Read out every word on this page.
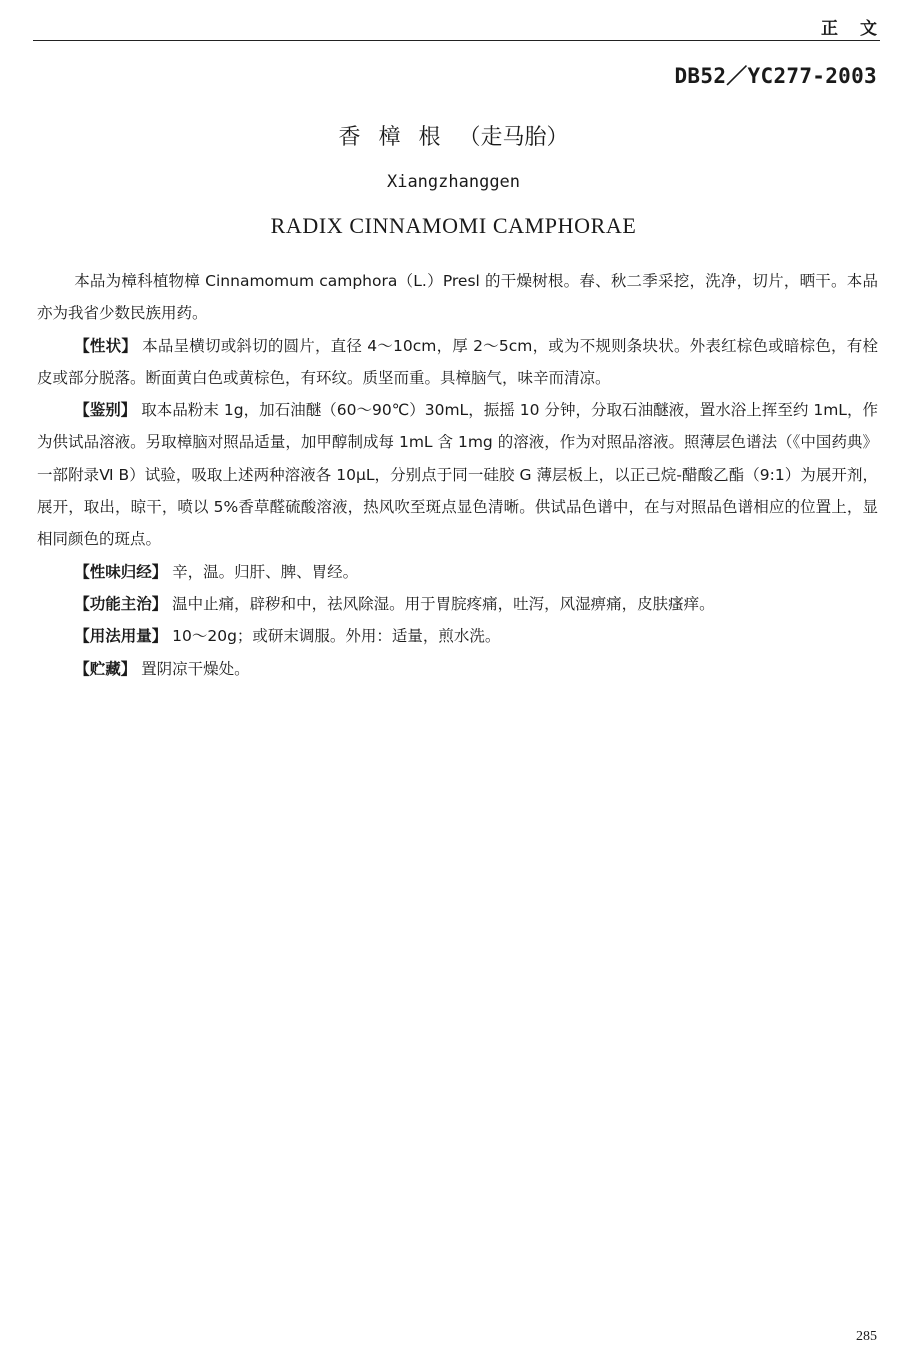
正文
DB52／YC277-2003
香樟根（走马胎）
Xiangzhanggen
RADIX CINNAMOMI CAMPHORAE

本品为樟科植物樟 Cinnamomum camphora（L.）Presl 的干燥树根。春、秋二季采挖，洗净，切片，晒干。本品亦为我省少数民族用药。

【性状】 本品呈横切或斜切的圆片，直径 4～10cm，厚 2～5cm，或为不规则条块状。外表红棕色或暗棕色，有栓皮或部分脱落。断面黄白色或黄棕色，有环纹。质坚而重。具樟脑气，味辛而清凉。

【鉴别】 取本品粉末 1g，加石油醚（60～90℃）30mL，振摇 10 分钟，分取石油醚液，置水浴上挥至约 1mL，作为供试品溶液。另取樟脑对照品适量，加甲醇制成每 1mL 含 1mg 的溶液，作为对照品溶液。照薄层色谱法（《中国药典》一部附录Ⅵ B）试验，吸取上述两种溶液各 10μL，分别点于同一硅胶 G 薄层板上，以正己烷-醋酸乙酯（9:1）为展开剂，展开，取出，晾干，喷以 5%香草醛硫酸溶液，热风吹至斑点显色清晰。供试品色谱中，在与对照品色谱相应的位置上，显相同颜色的斑点。

【性味归经】 辛，温。归肝、脾、胃经。

【功能主治】 温中止痛，辟秽和中，祛风除湿。用于胃脘疼痛，吐泻，风湿痹痛，皮肤瘙痒。

【用法用量】 10～20g；或研末调服。外用：适量，煎水洗。

【贮藏】 置阴凉干燥处。

285
